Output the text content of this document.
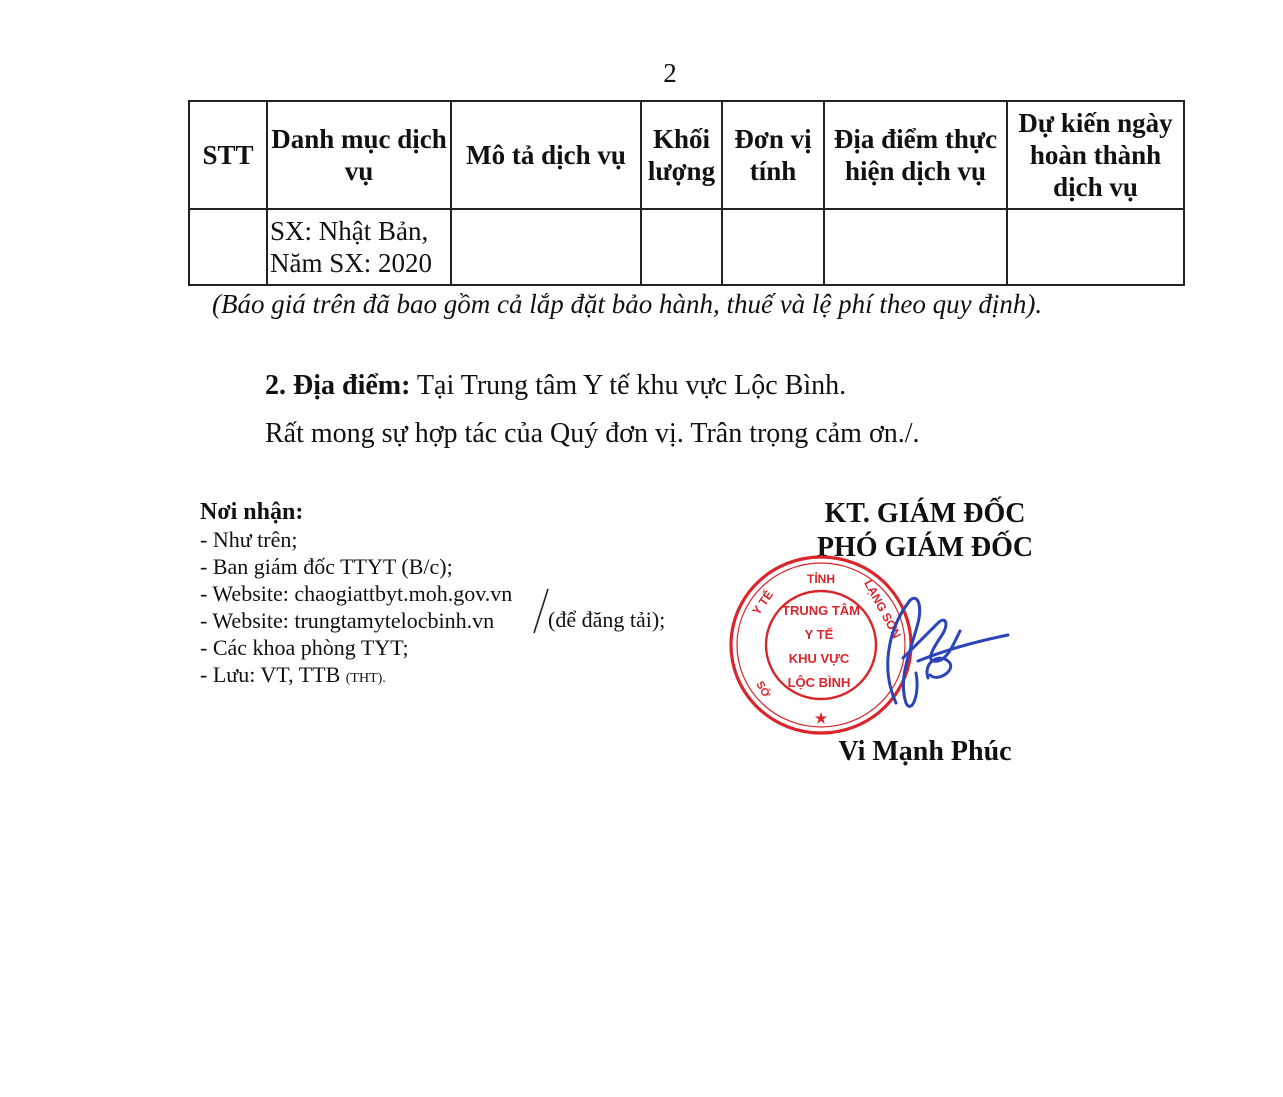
2
STT	Danh mục dịch vụ	Mô tả dịch vụ	Khối lượng	Đơn vị tính	Địa điểm thực hiện dịch vụ	Dự kiến ngày hoàn thành dịch vụ

	SX: Nhật Bản,
Năm SX: 2020					

(Báo giá trên đã bao gồm cả lắp đặt bảo hành, thuế và lệ phí theo quy định).
2. Địa điểm: Tại Trung tâm Y tế khu vực Lộc Bình.
Rất mong sự hợp tác của Quý đơn vị. Trân trọng cảm ơn./.
Nơi nhận:
- Như trên;
- Ban giám đốc TTYT (B/c);
- Website: chaogiattbyt.moh.gov.vn
- Website: trungtamytelocbinh.vn
- Các khoa phòng TYT;
- Lưu: VT, TTB (THT).
(để đăng tải);
KT. GIÁM ĐỐC
PHÓ GIÁM ĐỐC
TỈNH LẠNG SƠN
Y TẾ
SỞ
TRUNG TÂM
Y TẾ
KHU VỰC
LỘC BÌNH
★
Vi Mạnh Phúc
